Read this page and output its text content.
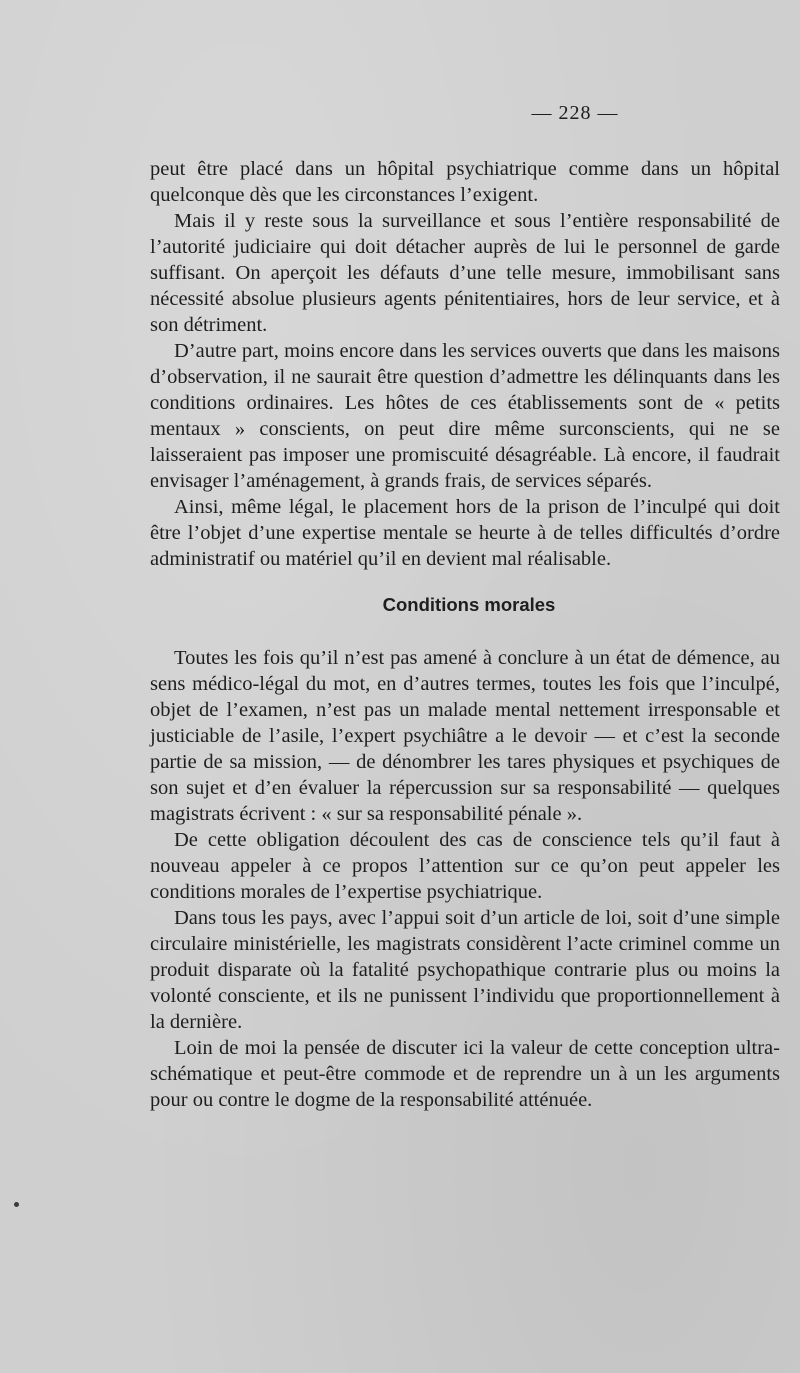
— 228 —

peut être placé dans un hôpital psychiatrique comme dans un hôpital quelconque dès que les circonstances l’exigent.

Mais il y reste sous la surveillance et sous l’entière responsabilité de l’autorité judiciaire qui doit détacher auprès de lui le personnel de garde suffisant. On aperçoit les défauts d’une telle mesure, immobilisant sans nécessité absolue plusieurs agents pénitentiaires, hors de leur service, et à son détriment.

D’autre part, moins encore dans les services ouverts que dans les maisons d’observation, il ne saurait être question d’admettre les délinquants dans les conditions ordinaires. Les hôtes de ces établissements sont de « petits mentaux » conscients, on peut dire même surconscients, qui ne se laisseraient pas imposer une promiscuité désagréable. Là encore, il faudrait envisager l’aménagement, à grands frais, de services séparés.

Ainsi, même légal, le placement hors de la prison de l’inculpé qui doit être l’objet d’une expertise mentale se heurte à de telles difficultés d’ordre administratif ou matériel qu’il en devient mal réalisable.

Conditions morales

Toutes les fois qu’il n’est pas amené à conclure à un état de démence, au sens médico-légal du mot, en d’autres termes, toutes les fois que l’inculpé, objet de l’examen, n’est pas un malade mental nettement irresponsable et justiciable de l’asile, l’expert psychiâtre a le devoir — et c’est la seconde partie de sa mission, — de dénombrer les tares physiques et psychiques de son sujet et d’en évaluer la répercussion sur sa responsabilité — quelques magistrats écrivent : « sur sa responsabilité pénale ».

De cette obligation découlent des cas de conscience tels qu’il faut à nouveau appeler à ce propos l’attention sur ce qu’on peut appeler les conditions morales de l’expertise psychiatrique.

Dans tous les pays, avec l’appui soit d’un article de loi, soit d’une simple circulaire ministérielle, les magistrats considèrent l’acte criminel comme un produit disparate où la fatalité psychopathique contrarie plus ou moins la volonté consciente, et ils ne punissent l’individu que proportionnellement à la dernière.

Loin de moi la pensée de discuter ici la valeur de cette conception ultra-schématique et peut-être commode et de reprendre un à un les arguments pour ou contre le dogme de la responsabilité atténuée.
